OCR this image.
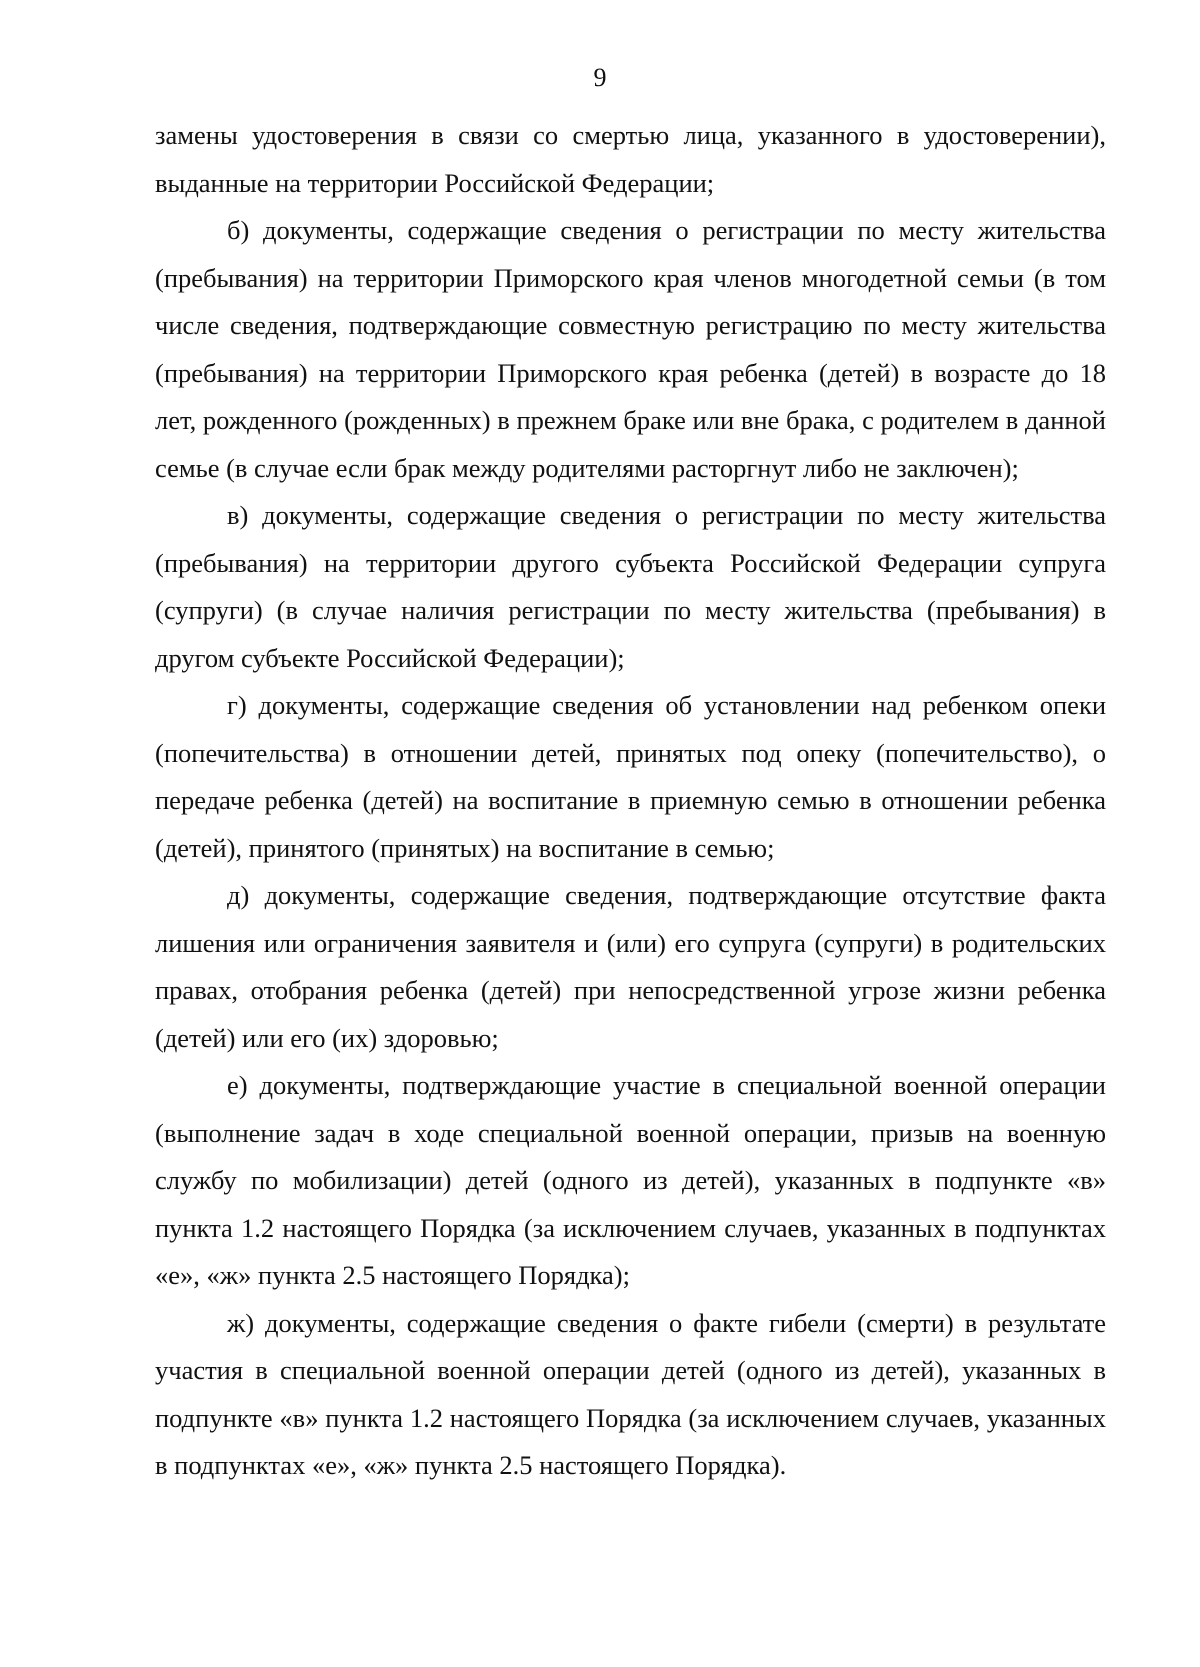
9

замены удостоверения в связи со смертью лица, указанного в удостоверении), выданные на территории Российской Федерации;

б) документы, содержащие сведения о регистрации по месту жительства (пребывания) на территории Приморского края членов многодетной семьи (в том числе сведения, подтверждающие совместную регистрацию по месту жительства (пребывания) на территории Приморского края ребенка (детей) в возрасте до 18 лет, рожденного (рожденных) в прежнем браке или вне брака, с родителем в данной семье (в случае если брак между родителями расторгнут либо не заключен);

в) документы, содержащие сведения о регистрации по месту жительства (пребывания) на территории другого субъекта Российской Федерации супруга (супруги) (в случае наличия регистрации по месту жительства (пребывания) в другом субъекте Российской Федерации);

г) документы, содержащие сведения об установлении над ребенком опеки (попечительства) в отношении детей, принятых под опеку (попечительство), о передаче ребенка (детей) на воспитание в приемную семью в отношении ребенка (детей), принятого (принятых) на воспитание в семью;

д) документы, содержащие сведения, подтверждающие отсутствие факта лишения или ограничения заявителя и (или) его супруга (супруги) в родительских правах, отобрания ребенка (детей) при непосредственной угрозе жизни ребенка (детей) или его (их) здоровью;

е) документы, подтверждающие участие в специальной военной операции (выполнение задач в ходе специальной военной операции, призыв на военную службу по мобилизации) детей (одного из детей), указанных в подпункте «в» пункта 1.2 настоящего Порядка (за исключением случаев, указанных в подпунктах «е», «ж» пункта 2.5 настоящего Порядка);

ж) документы, содержащие сведения о факте гибели (смерти) в результате участия в специальной военной операции детей (одного из детей), указанных в подпункте «в» пункта 1.2 настоящего Порядка (за исключением случаев, указанных в подпунктах «е», «ж» пункта 2.5 настоящего Порядка).
